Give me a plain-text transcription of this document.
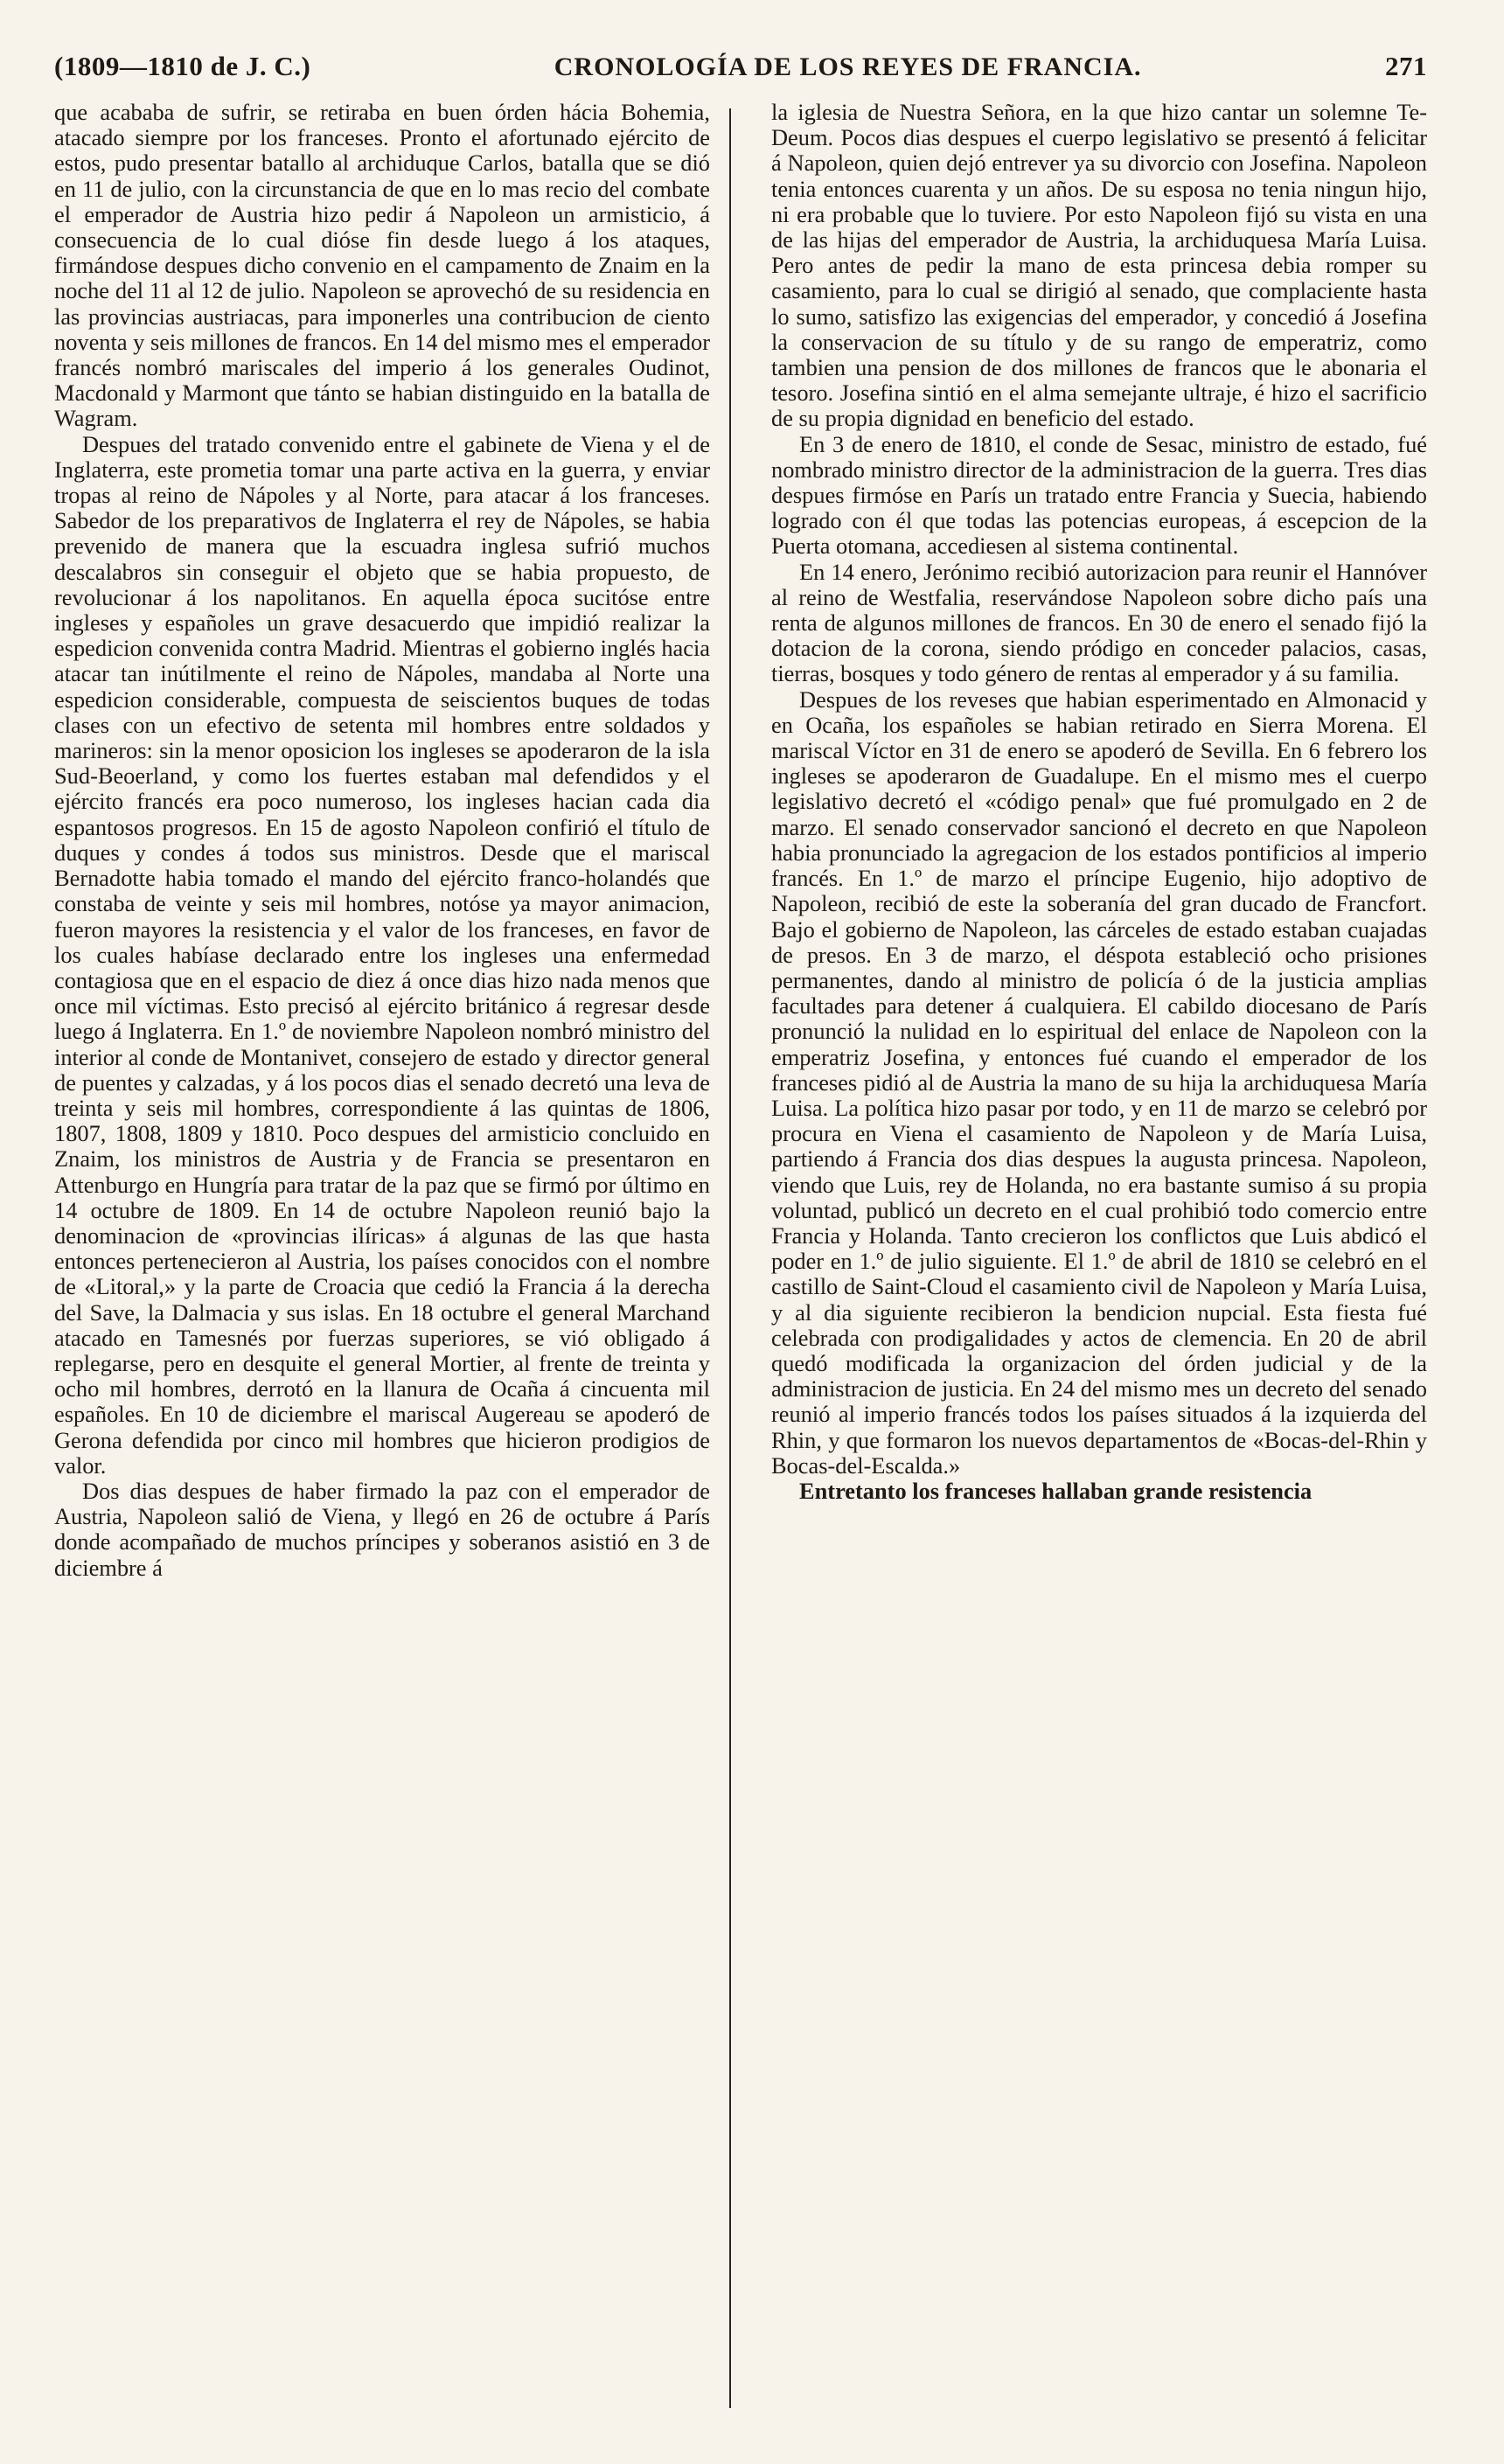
(1809—1810 de J. C.)	CRONOLOGÍA DE LOS REYES DE FRANCIA.	271

que acababa de sufrir, se retiraba en buen órden hácia Bohemia, atacado siempre por los franceses. Pronto el afortunado ejército de estos, pudo presentar batallo al archiduque Carlos, batalla que se dió en 11 de julio, con la circunstancia de que en lo mas recio del combate el emperador de Austria hizo pedir á Napoleon un armisticio, á consecuencia de lo cual dióse fin desde luego á los ataques, firmándose despues dicho convenio en el campamento de Znaim en la noche del 11 al 12 de julio. Napoleon se aprovechó de su residencia en las provincias austriacas, para imponerles una contribucion de ciento noventa y seis millones de francos. En 14 del mismo mes el emperador francés nombró mariscales del imperio á los generales Oudinot, Macdonald y Marmont que tánto se habian distinguido en la batalla de Wagram.

Despues del tratado convenido entre el gabinete de Viena y el de Inglaterra, este prometia tomar una parte activa en la guerra, y enviar tropas al reino de Nápoles y al Norte, para atacar á los franceses. Sabedor de los preparativos de Inglaterra el rey de Nápoles, se habia prevenido de manera que la escuadra inglesa sufrió muchos descalabros sin conseguir el objeto que se habia propuesto, de revolucionar á los napolitanos. En aquella época sucitóse entre ingleses y españoles un grave desacuerdo que impidió realizar la espedicion convenida contra Madrid. Mientras el gobierno inglés hacia atacar tan inútilmente el reino de Nápoles, mandaba al Norte una espedicion considerable, compuesta de seiscientos buques de todas clases con un efectivo de setenta mil hombres entre soldados y marineros: sin la menor oposicion los ingleses se apoderaron de la isla Sud-Beoerland, y como los fuertes estaban mal defendidos y el ejército francés era poco numeroso, los ingleses hacian cada dia espantosos progresos. En 15 de agosto Napoleon confirió el título de duques y condes á todos sus ministros. Desde que el mariscal Bernadotte habia tomado el mando del ejército franco-holandés que constaba de veinte y seis mil hombres, notóse ya mayor animacion, fueron mayores la resistencia y el valor de los franceses, en favor de los cuales habíase declarado entre los ingleses una enfermedad contagiosa que en el espacio de diez á once dias hizo nada menos que once mil víctimas. Esto precisó al ejército británico á regresar desde luego á Inglaterra. En 1.º de noviembre Napoleon nombró ministro del interior al conde de Montanivet, consejero de estado y director general de puentes y calzadas, y á los pocos dias el senado decretó una leva de treinta y seis mil hombres, correspondiente á las quintas de 1806, 1807, 1808, 1809 y 1810. Poco despues del armisticio concluido en Znaim, los ministros de Austria y de Francia se presentaron en Attenburgo en Hungría para tratar de la paz que se firmó por último en 14 octubre de 1809. En 14 de octubre Napoleon reunió bajo la denominacion de «provincias ilíricas» á algunas de las que hasta entonces pertenecieron al Austria, los países conocidos con el nombre de «Litoral,» y la parte de Croacia que cedió la Francia á la derecha del Save, la Dalmacia y sus islas. En 18 octubre el general Marchand atacado en Tamesnés por fuerzas superiores, se vió obligado á replegarse, pero en desquite el general Mortier, al frente de treinta y ocho mil hombres, derrotó en la llanura de Ocaña á cincuenta mil españoles. En 10 de diciembre el mariscal Augereau se apoderó de Gerona defendida por cinco mil hombres que hicieron prodigios de valor.

Dos dias despues de haber firmado la paz con el emperador de Austria, Napoleon salió de Viena, y llegó en 26 de octubre á París donde acompañado de muchos príncipes y soberanos asistió en 3 de diciembre á

la iglesia de Nuestra Señora, en la que hizo cantar un solemne Te-Deum. Pocos dias despues el cuerpo legislativo se presentó á felicitar á Napoleon, quien dejó entrever ya su divorcio con Josefina. Napoleon tenia entonces cuarenta y un años. De su esposa no tenia ningun hijo, ni era probable que lo tuviere. Por esto Napoleon fijó su vista en una de las hijas del emperador de Austria, la archiduquesa María Luisa. Pero antes de pedir la mano de esta princesa debia romper su casamiento, para lo cual se dirigió al senado, que complaciente hasta lo sumo, satisfizo las exigencias del emperador, y concedió á Josefina la conservacion de su título y de su rango de emperatriz, como tambien una pension de dos millones de francos que le abonaria el tesoro. Josefina sintió en el alma semejante ultraje, é hizo el sacrificio de su propia dignidad en beneficio del estado.

En 3 de enero de 1810, el conde de Sesac, ministro de estado, fué nombrado ministro director de la administracion de la guerra. Tres dias despues firmóse en París un tratado entre Francia y Suecia, habiendo logrado con él que todas las potencias europeas, á escepcion de la Puerta otomana, accediesen al sistema continental.

En 14 enero, Jerónimo recibió autorizacion para reunir el Hannóver al reino de Westfalia, reservándose Napoleon sobre dicho país una renta de algunos millones de francos. En 30 de enero el senado fijó la dotacion de la corona, siendo pródigo en conceder palacios, casas, tierras, bosques y todo género de rentas al emperador y á su familia.

Despues de los reveses que habian esperimentado en Almonacid y en Ocaña, los españoles se habian retirado en Sierra Morena. El mariscal Víctor en 31 de enero se apoderó de Sevilla. En 6 febrero los ingleses se apoderaron de Guadalupe. En el mismo mes el cuerpo legislativo decretó el «código penal» que fué promulgado en 2 de marzo. El senado conservador sancionó el decreto en que Napoleon habia pronunciado la agregacion de los estados pontificios al imperio francés. En 1.º de marzo el príncipe Eugenio, hijo adoptivo de Napoleon, recibió de este la soberanía del gran ducado de Francfort. Bajo el gobierno de Napoleon, las cárceles de estado estaban cuajadas de presos. En 3 de marzo, el déspota estableció ocho prisiones permanentes, dando al ministro de policía ó de la justicia amplias facultades para detener á cualquiera. El cabildo diocesano de París pronunció la nulidad en lo espiritual del enlace de Napoleon con la emperatriz Josefina, y entonces fué cuando el emperador de los franceses pidió al de Austria la mano de su hija la archiduquesa María Luisa. La política hizo pasar por todo, y en 11 de marzo se celebró por procura en Viena el casamiento de Napoleon y de María Luisa, partiendo á Francia dos dias despues la augusta princesa. Napoleon, viendo que Luis, rey de Holanda, no era bastante sumiso á su propia voluntad, publicó un decreto en el cual prohibió todo comercio entre Francia y Holanda. Tanto crecieron los conflictos que Luis abdicó el poder en 1.º de julio siguiente. El 1.º de abril de 1810 se celebró en el castillo de Saint-Cloud el casamiento civil de Napoleon y María Luisa, y al dia siguiente recibieron la bendicion nupcial. Esta fiesta fué celebrada con prodigalidades y actos de clemencia. En 20 de abril quedó modificada la organizacion del órden judicial y de la administracion de justicia. En 24 del mismo mes un decreto del senado reunió al imperio francés todos los países situados á la izquierda del Rhin, y que formaron los nuevos departamentos de «Bocas-del-Rhin y Bocas-del-Escalda.»

Entretanto los franceses hallaban grande resistencia
